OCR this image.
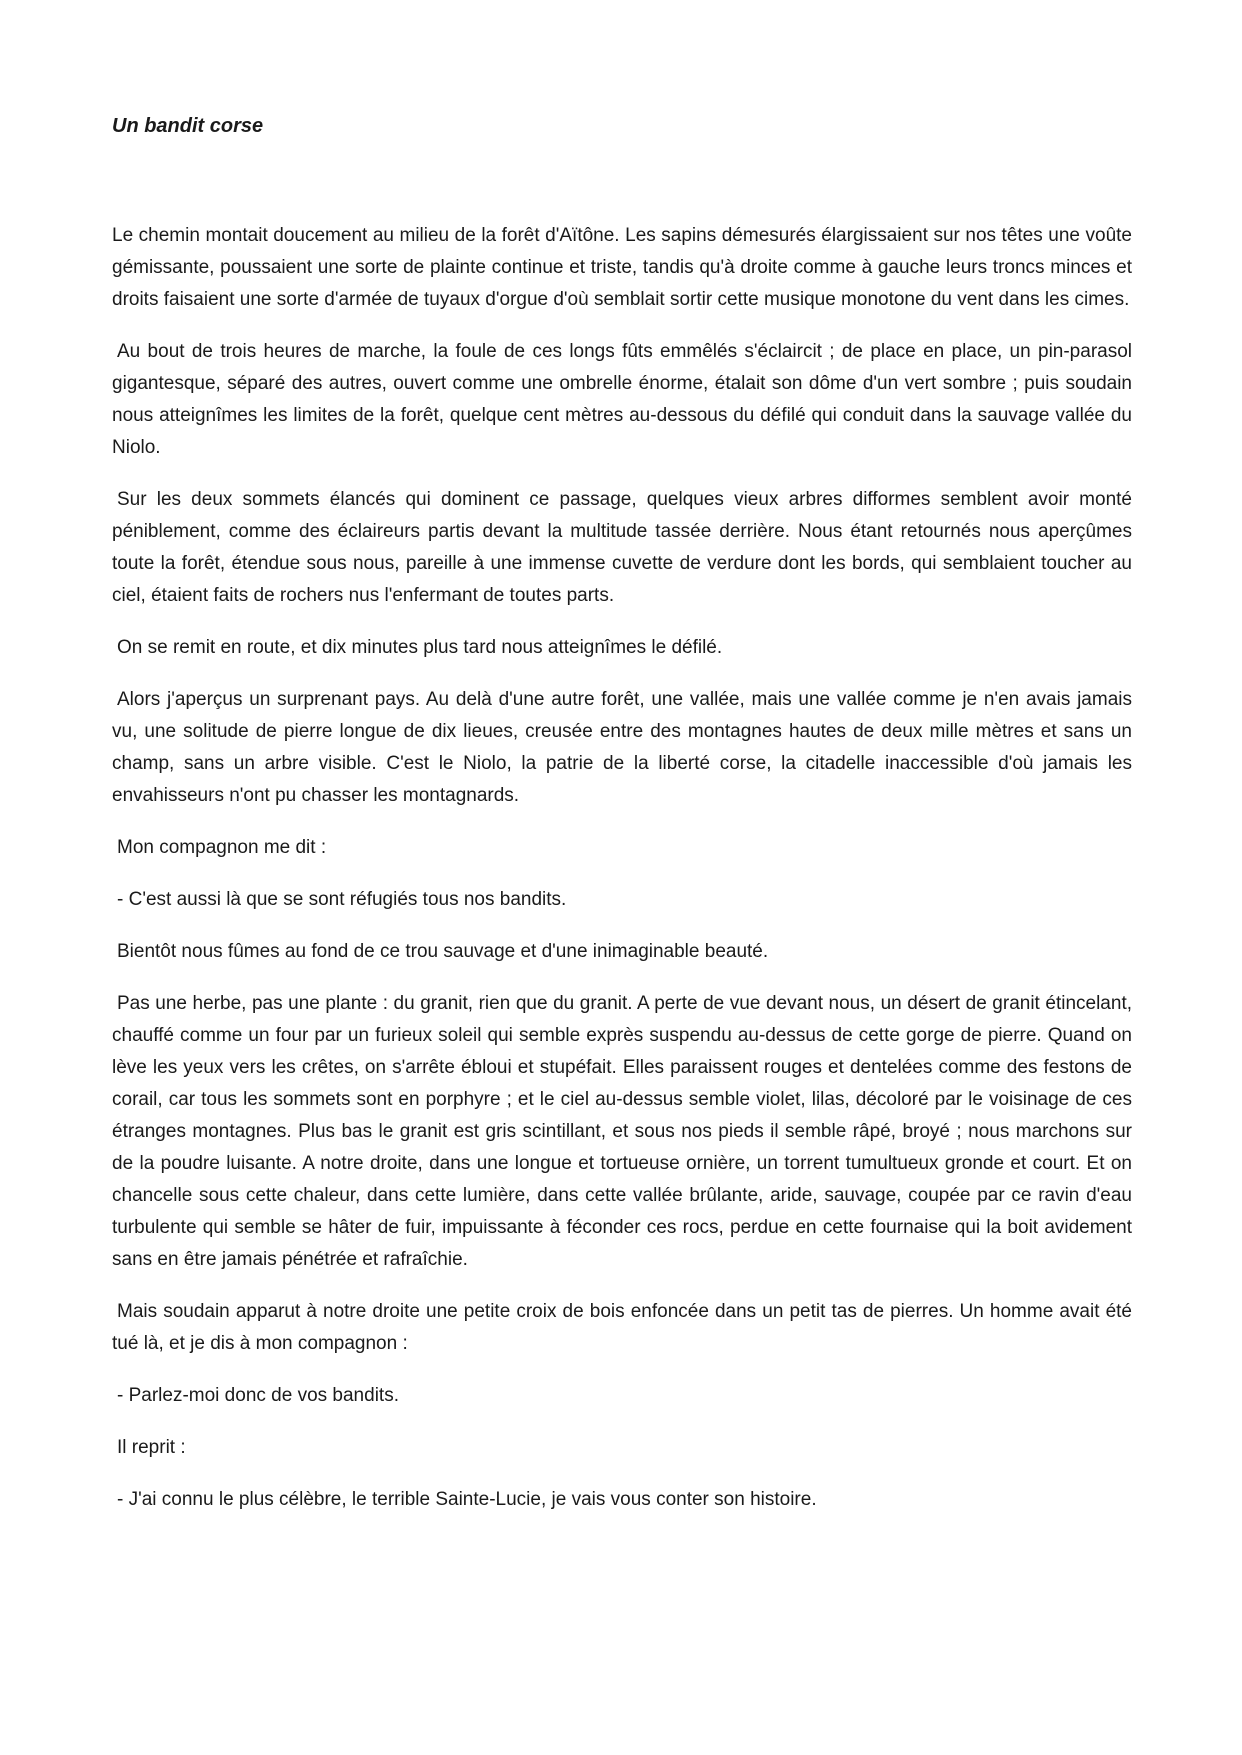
Un bandit corse

Le chemin montait doucement au milieu de la forêt d'Aïtône. Les sapins démesurés élargissaient sur nos têtes une voûte gémissante, poussaient une sorte de plainte continue et triste, tandis qu'à droite comme à gauche leurs troncs minces et droits faisaient une sorte d'armée de tuyaux d'orgue d'où semblait sortir cette musique monotone du vent dans les cimes.

Au bout de trois heures de marche, la foule de ces longs fûts emmêlés s'éclaircit ; de place en place, un pin-parasol gigantesque, séparé des autres, ouvert comme une ombrelle énorme, étalait son dôme d'un vert sombre ; puis soudain nous atteignîmes les limites de la forêt, quelque cent mètres au-dessous du défilé qui conduit dans la sauvage vallée du Niolo.

Sur les deux sommets élancés qui dominent ce passage, quelques vieux arbres difformes semblent avoir monté péniblement, comme des éclaireurs partis devant la multitude tassée derrière. Nous étant retournés nous aperçûmes toute la forêt, étendue sous nous, pareille à une immense cuvette de verdure dont les bords, qui semblaient toucher au ciel, étaient faits de rochers nus l'enfermant de toutes parts.

On se remit en route, et dix minutes plus tard nous atteignîmes le défilé.

Alors j'aperçus un surprenant pays. Au delà d'une autre forêt, une vallée, mais une vallée comme je n'en avais jamais vu, une solitude de pierre longue de dix lieues, creusée entre des montagnes hautes de deux mille mètres et sans un champ, sans un arbre visible. C'est le Niolo, la patrie de la liberté corse, la citadelle inaccessible d'où jamais les envahisseurs n'ont pu chasser les montagnards.

Mon compagnon me dit :

- C'est aussi là que se sont réfugiés tous nos bandits.

Bientôt nous fûmes au fond de ce trou sauvage et d'une inimaginable beauté.

Pas une herbe, pas une plante : du granit, rien que du granit. A perte de vue devant nous, un désert de granit étincelant, chauffé comme un four par un furieux soleil qui semble exprès suspendu au-dessus de cette gorge de pierre. Quand on lève les yeux vers les crêtes, on s'arrête ébloui et stupéfait. Elles paraissent rouges et dentelées comme des festons de corail, car tous les sommets sont en porphyre ; et le ciel au-dessus semble violet, lilas, décoloré par le voisinage de ces étranges montagnes. Plus bas le granit est gris scintillant, et sous nos pieds il semble râpé, broyé ; nous marchons sur de la poudre luisante. A notre droite, dans une longue et tortueuse ornière, un torrent tumultueux gronde et court. Et on chancelle sous cette chaleur, dans cette lumière, dans cette vallée brûlante, aride, sauvage, coupée par ce ravin d'eau turbulente qui semble se hâter de fuir, impuissante à féconder ces rocs, perdue en cette fournaise qui la boit avidement sans en être jamais pénétrée et rafraîchie.

Mais soudain apparut à notre droite une petite croix de bois enfoncée dans un petit tas de pierres. Un homme avait été tué là, et je dis à mon compagnon :

- Parlez-moi donc de vos bandits.

Il reprit :

- J'ai connu le plus célèbre, le terrible Sainte-Lucie, je vais vous conter son histoire.
